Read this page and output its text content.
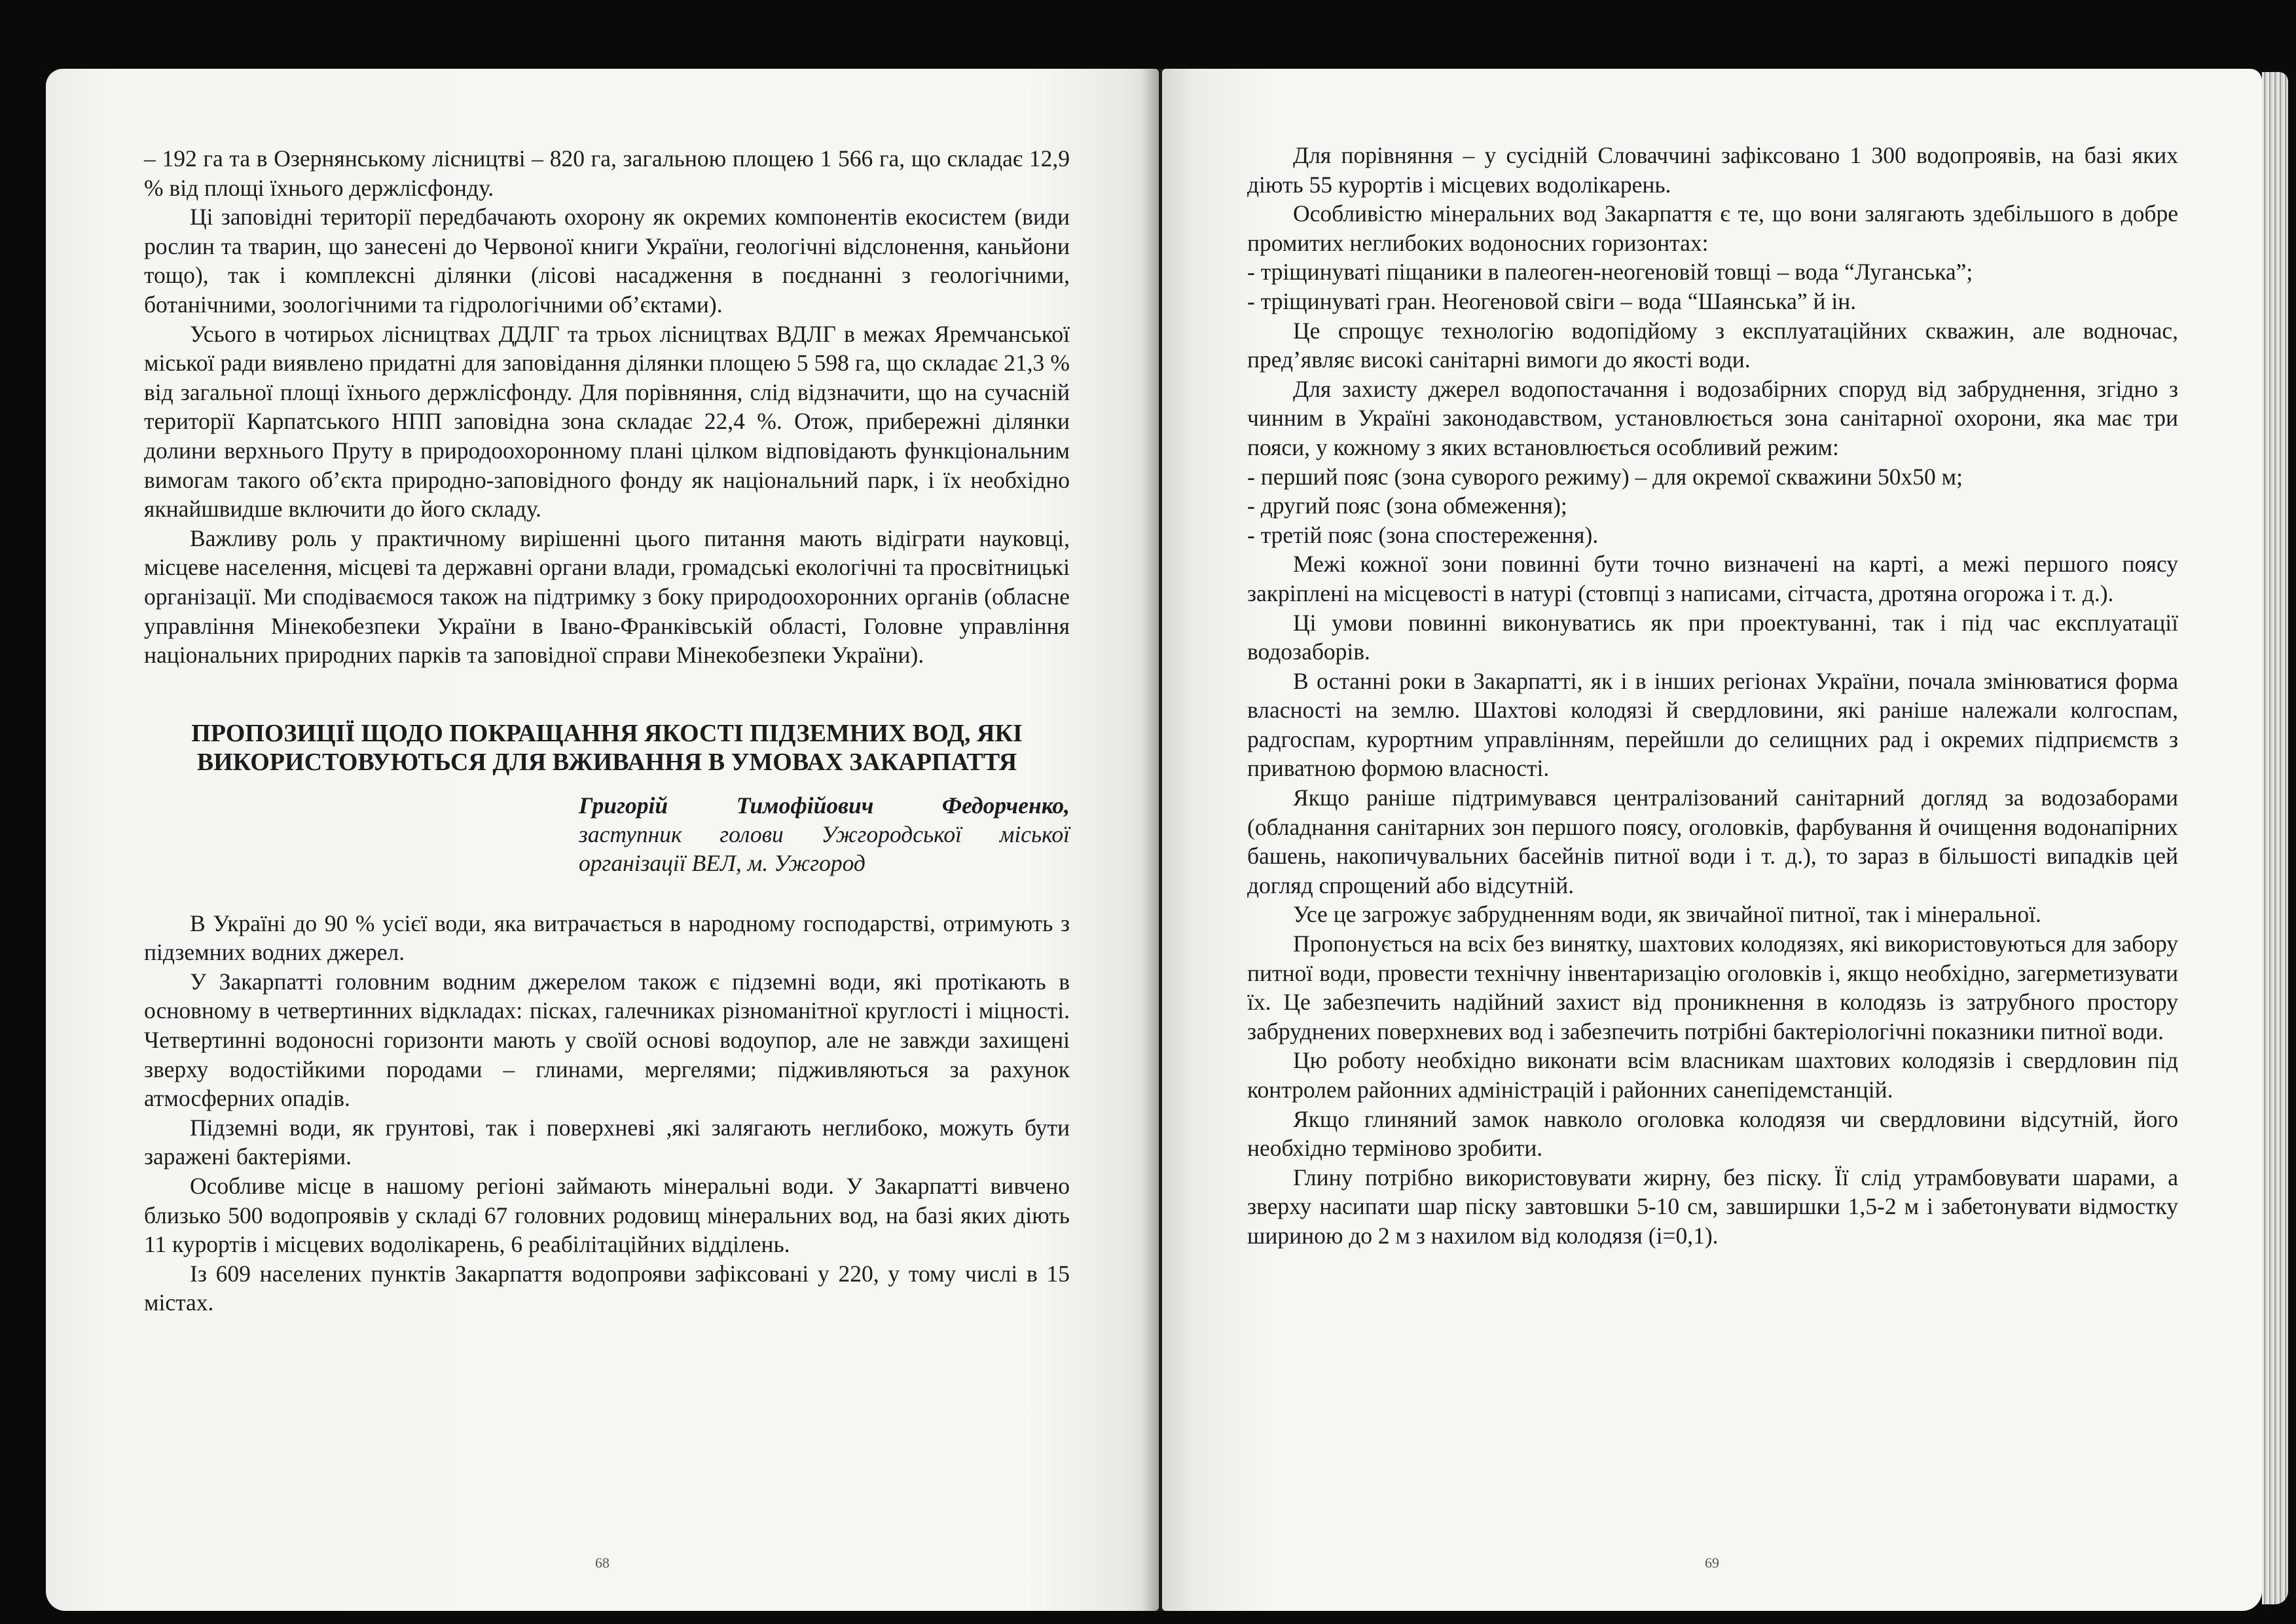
– 192 га та в Озернянському лісництві – 820 га, загальною площею 1 566 га, що складає 12,9 % від площі їхнього держлісфонду.

Ці заповідні території передбачають охорону як окремих компонентів екосистем (види рослин та тварин, що занесені до Червоної книги України, геологічні відслонення, каньйони тощо), так і комплексні ділянки (лісові насадження в поєднанні з геологічними, ботанічними, зоологічними та гідрологічними об’єктами).

Усього в чотирьох лісництвах ДДЛГ та трьох лісництвах ВДЛГ в межах Яремчанської міської ради виявлено придатні для заповідання ділянки площею 5 598 га, що складає 21,3 % від загальної площі їхнього держлісфонду. Для порівняння, слід відзначити, що на сучасній території Карпатського НПП заповідна зона складає 22,4 %. Отож, прибережні ділянки долини верхнього Пруту в природоохоронному плані цілком відповідають функціональним вимогам такого об’єкта природно-заповідного фонду як національний парк, і їх необхідно якнайшвидше включити до його складу.

Важливу роль у практичному вирішенні цього питання мають відіграти науковці, місцеве населення, місцеві та державні органи влади, громадські екологічні та просвітницькі організації. Ми сподіваємося також на підтримку з боку природоохоронних органів (обласне управління Мінекобезпеки України в Івано-Франківській області, Головне управління національних природних парків та заповідної справи Мінекобезпеки України).

ПРОПОЗИЦІЇ ЩОДО ПОКРАЩАННЯ ЯКОСТІ ПІДЗЕМНИХ ВОД, ЯКІ ВИКОРИСТОВУЮТЬСЯ ДЛЯ ВЖИВАННЯ В УМОВАХ ЗАКАРПАТТЯ
Григорій	Тимофійович	Федорченко,
заступник голови Ужгородської міської організації ВЕЛ, м. Ужгород

В Україні до 90 % усієї води, яка витрачається в народному господарстві, отримують з підземних водних джерел.

У Закарпатті головним водним джерелом також є підземні води, які протікають в основному в четвертинних відкладах: пісках, галечниках різноманітної круглості і міцності. Четвертинні водоносні горизонти мають у своїй основі водоупор, але не завжди захищені зверху водостійкими породами – глинами, мергелями; підживляються за рахунок атмосферних опадів.

Підземні води, як грунтові, так і поверхневі ,які залягають неглибоко, можуть бути заражені бактеріями.

Особливе місце в нашому регіоні займають мінеральні води. У Закарпатті вивчено близько 500 водопроявів у складі 67 головних родовищ мінеральних вод, на базі яких діють 11 курортів і місцевих водолікарень, 6 реабілітаційних відділень.

Із 609 населених пунктів Закарпаття водопрояви зафіксовані у 220, у тому числі в 15 містах.

68

Для порівняння – у сусідній Словаччині зафіксовано 1 300 водопроявів, на базі яких діють 55 курортів і місцевих водолікарень.

Особливістю мінеральних вод Закарпаття є те, що вони залягають здебільшого в добре промитих неглибоких водоносних горизонтах:

- тріщинуваті піщаники в палеоген-неогеновій товщі – вода “Луганська”;

- тріщинуваті гран. Неогеновой свіги – вода “Шаянська” й ін.

Це спрощує технологію водопідйому з експлуатаційних скважин, але водночас, пред’являє високі санітарні вимоги до якості води.

Для захисту джерел водопостачання і водозабірних споруд від забруднення, згідно з чинним в Україні законодавством, установлюється зона санітарної охорони, яка має три пояси, у кожному з яких встановлюється особливий режим:

- перший пояс (зона суворого режиму) – для окремої скважини 50х50 м;

- другий пояс (зона обмеження);

- третій пояс (зона спостереження).

Межі кожної зони повинні бути точно визначені на карті, а межі першого поясу закріплені на місцевості в натурі (стовпці з написами, сітчаста, дротяна огорожа і т. д.).

Ці умови повинні виконуватись як при проектуванні, так і під час експлуатації водозаборів.

В останні роки в Закарпатті, як і в інших регіонах України, почала змінюватися форма власності на землю. Шахтові колодязі й свердловини, які раніше належали колгоспам, радгоспам, курортним управлінням, перейшли до селищних рад і окремих підприємств з приватною формою власності.

Якщо раніше підтримувався централізований санітарний догляд за водозаборами (обладнання санітарних зон першого поясу, оголовків, фарбування й очищення водонапірних башень, накопичувальних басейнів питної води і т. д.), то зараз в більшості випадків цей догляд спрощений або відсутній.

Усе це загрожує забрудненням води, як звичайної питної, так і мінеральної.

Пропонується на всіх без винятку, шахтових колодязях, які використовуються для забору питної води, провести технічну інвентаризацію оголовків і, якщо необхідно, загерметизувати їх. Це забезпечить надійний захист від проникнення в колодязь із затрубного простору забруднених поверхневих вод і забезпечить потрібні бактеріологічні показники питної води.

Цю роботу необхідно виконати всім власникам шахтових колодязів і свердловин під контролем районних адміністрацій і районних санепідемстанцій.

Якщо глиняний замок навколо оголовка колодязя чи свердловини відсутній, його необхідно терміново зробити.

Глину потрібно використовувати жирну, без піску. Її слід утрамбовувати шарами, а зверху насипати шар піску завтовшки 5-10 см, завширшки 1,5-2 м і забетонувати відмостку шириною до 2 м з нахилом від колодязя (і=0,1).

69
